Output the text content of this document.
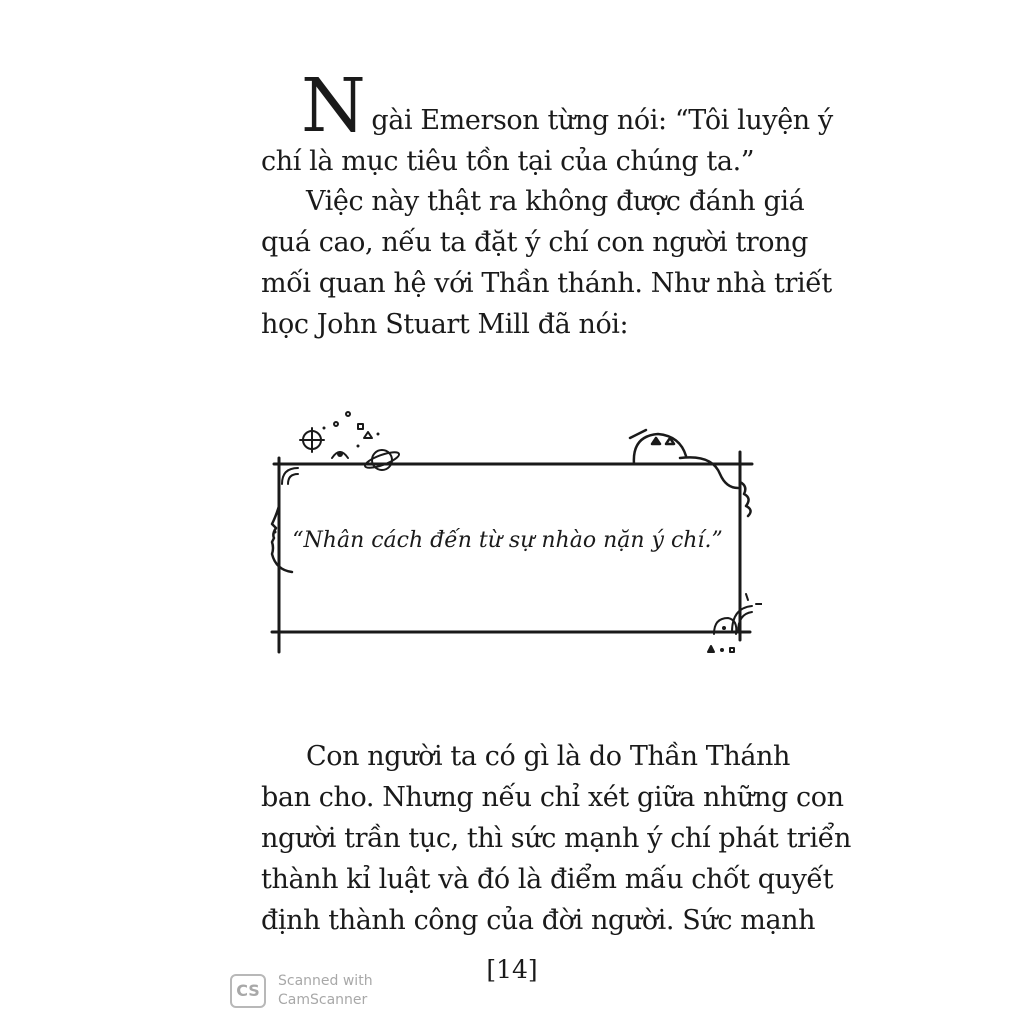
N gài Emerson từng nói: “Tôi luyện ý
chí là mục tiêu tồn tại của chúng ta.”
Việc này thật ra không được đánh giá
quá cao, nếu ta đặt ý chí con người trong
mối quan hệ với Thần thánh. Như nhà triết
học John Stuart Mill đã nói:
“Nhân cách đến từ sự nhào nặn ý chí.”
Con người ta có gì là do Thần Thánh
ban cho. Nhưng nếu chỉ xét giữa những con
người trần tục, thì sức mạnh ý chí phát triển
thành kỉ luật và đó là điểm mấu chốt quyết
định thành công của đời người. Sức mạnh
[14]
CS	Scanned with
CamScanner
